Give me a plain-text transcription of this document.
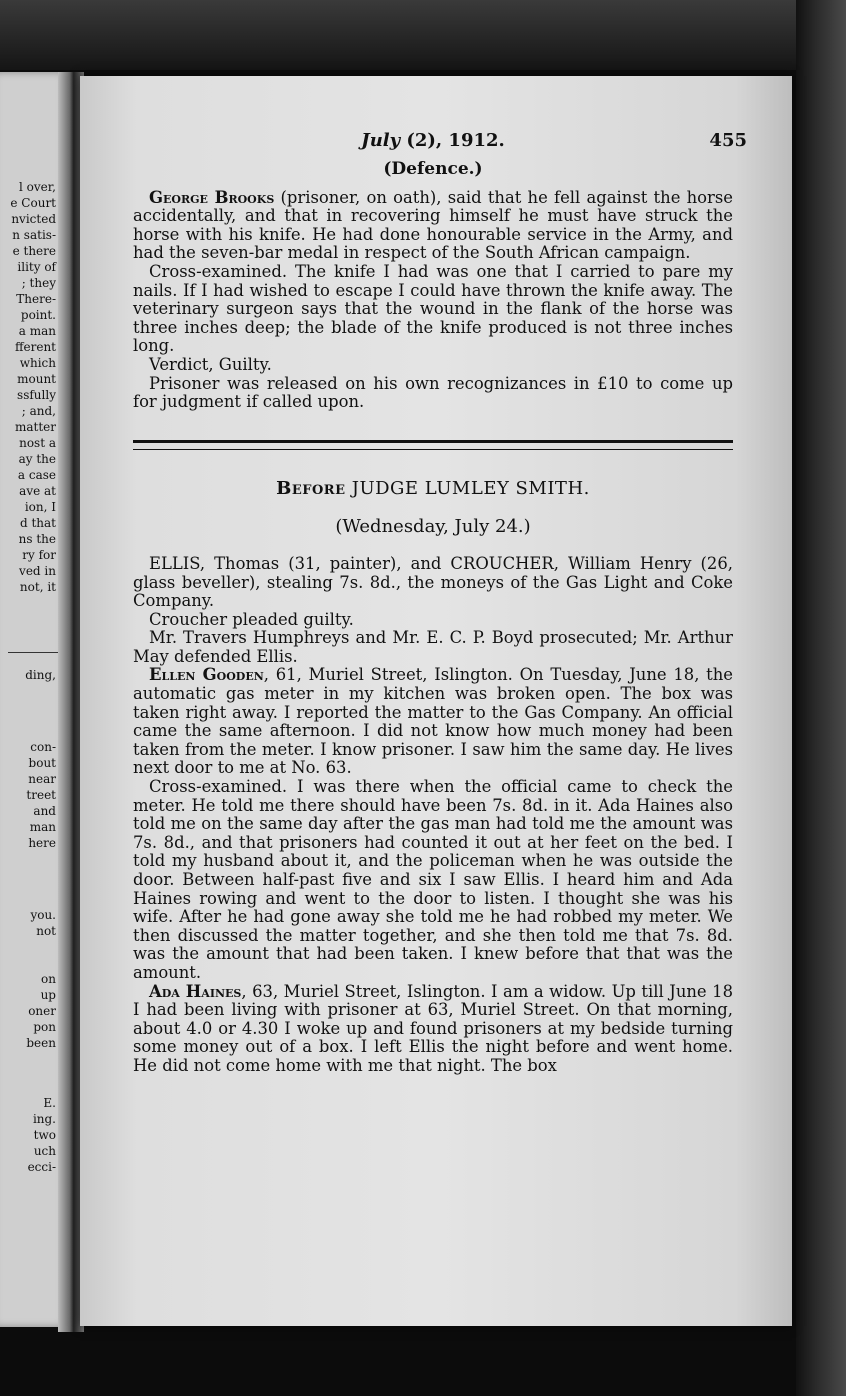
l over,
e Court
nvicted
n satis-
e there
ility of
; they
There-
point.
a man
fferent
which
mount
ssfully
; and,
matter
nost a
ay the
a case
ave at
ion, I
d that
ns the
ry for
ved in
not, it
ding,
con-
bout
near
treet
and
man
here
you.
not
on
up
oner
pon
been
E.
ing.
two
uch
ecci-
July (2), 1912.	455
(Defence.)

George Brooks (prisoner, on oath), said that he fell against the horse accidentally, and that in recovering himself he must have struck the horse with his knife. He had done honourable service in the Army, and had the seven-bar medal in respect of the South African campaign.

Cross-examined. The knife I had was one that I carried to pare my nails. If I had wished to escape I could have thrown the knife away. The veterinary surgeon says that the wound in the flank of the horse was three inches deep; the blade of the knife produced is not three inches long.

Verdict, Guilty.

Prisoner was released on his own recognizances in £10 to come up for judgment if called upon.

Before JUDGE LUMLEY SMITH.
(Wednesday, July 24.)

ELLIS, Thomas (31, painter), and CROUCHER, William Henry (26, glass beveller), stealing 7s. 8d., the moneys of the Gas Light and Coke Company.

Croucher pleaded guilty.

Mr. Travers Humphreys and Mr. E. C. P. Boyd prosecuted; Mr. Arthur May defended Ellis.

Ellen Gooden, 61, Muriel Street, Islington. On Tuesday, June 18, the automatic gas meter in my kitchen was broken open. The box was taken right away. I reported the matter to the Gas Company. An official came the same afternoon. I did not know how much money had been taken from the meter. I know prisoner. I saw him the same day. He lives next door to me at No. 63.

Cross-examined. I was there when the official came to check the meter. He told me there should have been 7s. 8d. in it. Ada Haines also told me on the same day after the gas man had told me the amount was 7s. 8d., and that prisoners had counted it out at her feet on the bed. I told my husband about it, and the policeman when he was outside the door. Between half-past five and six I saw Ellis. I heard him and Ada Haines rowing and went to the door to listen. I thought she was his wife. After he had gone away she told me he had robbed my meter. We then discussed the matter together, and she then told me that 7s. 8d. was the amount that had been taken. I knew before that that was the amount.

Ada Haines, 63, Muriel Street, Islington. I am a widow. Up till June 18 I had been living with prisoner at 63, Muriel Street. On that morning, about 4.0 or 4.30 I woke up and found prisoners at my bedside turning some money out of a box. I left Ellis the night before and went home. He did not come home with me that night. The box
